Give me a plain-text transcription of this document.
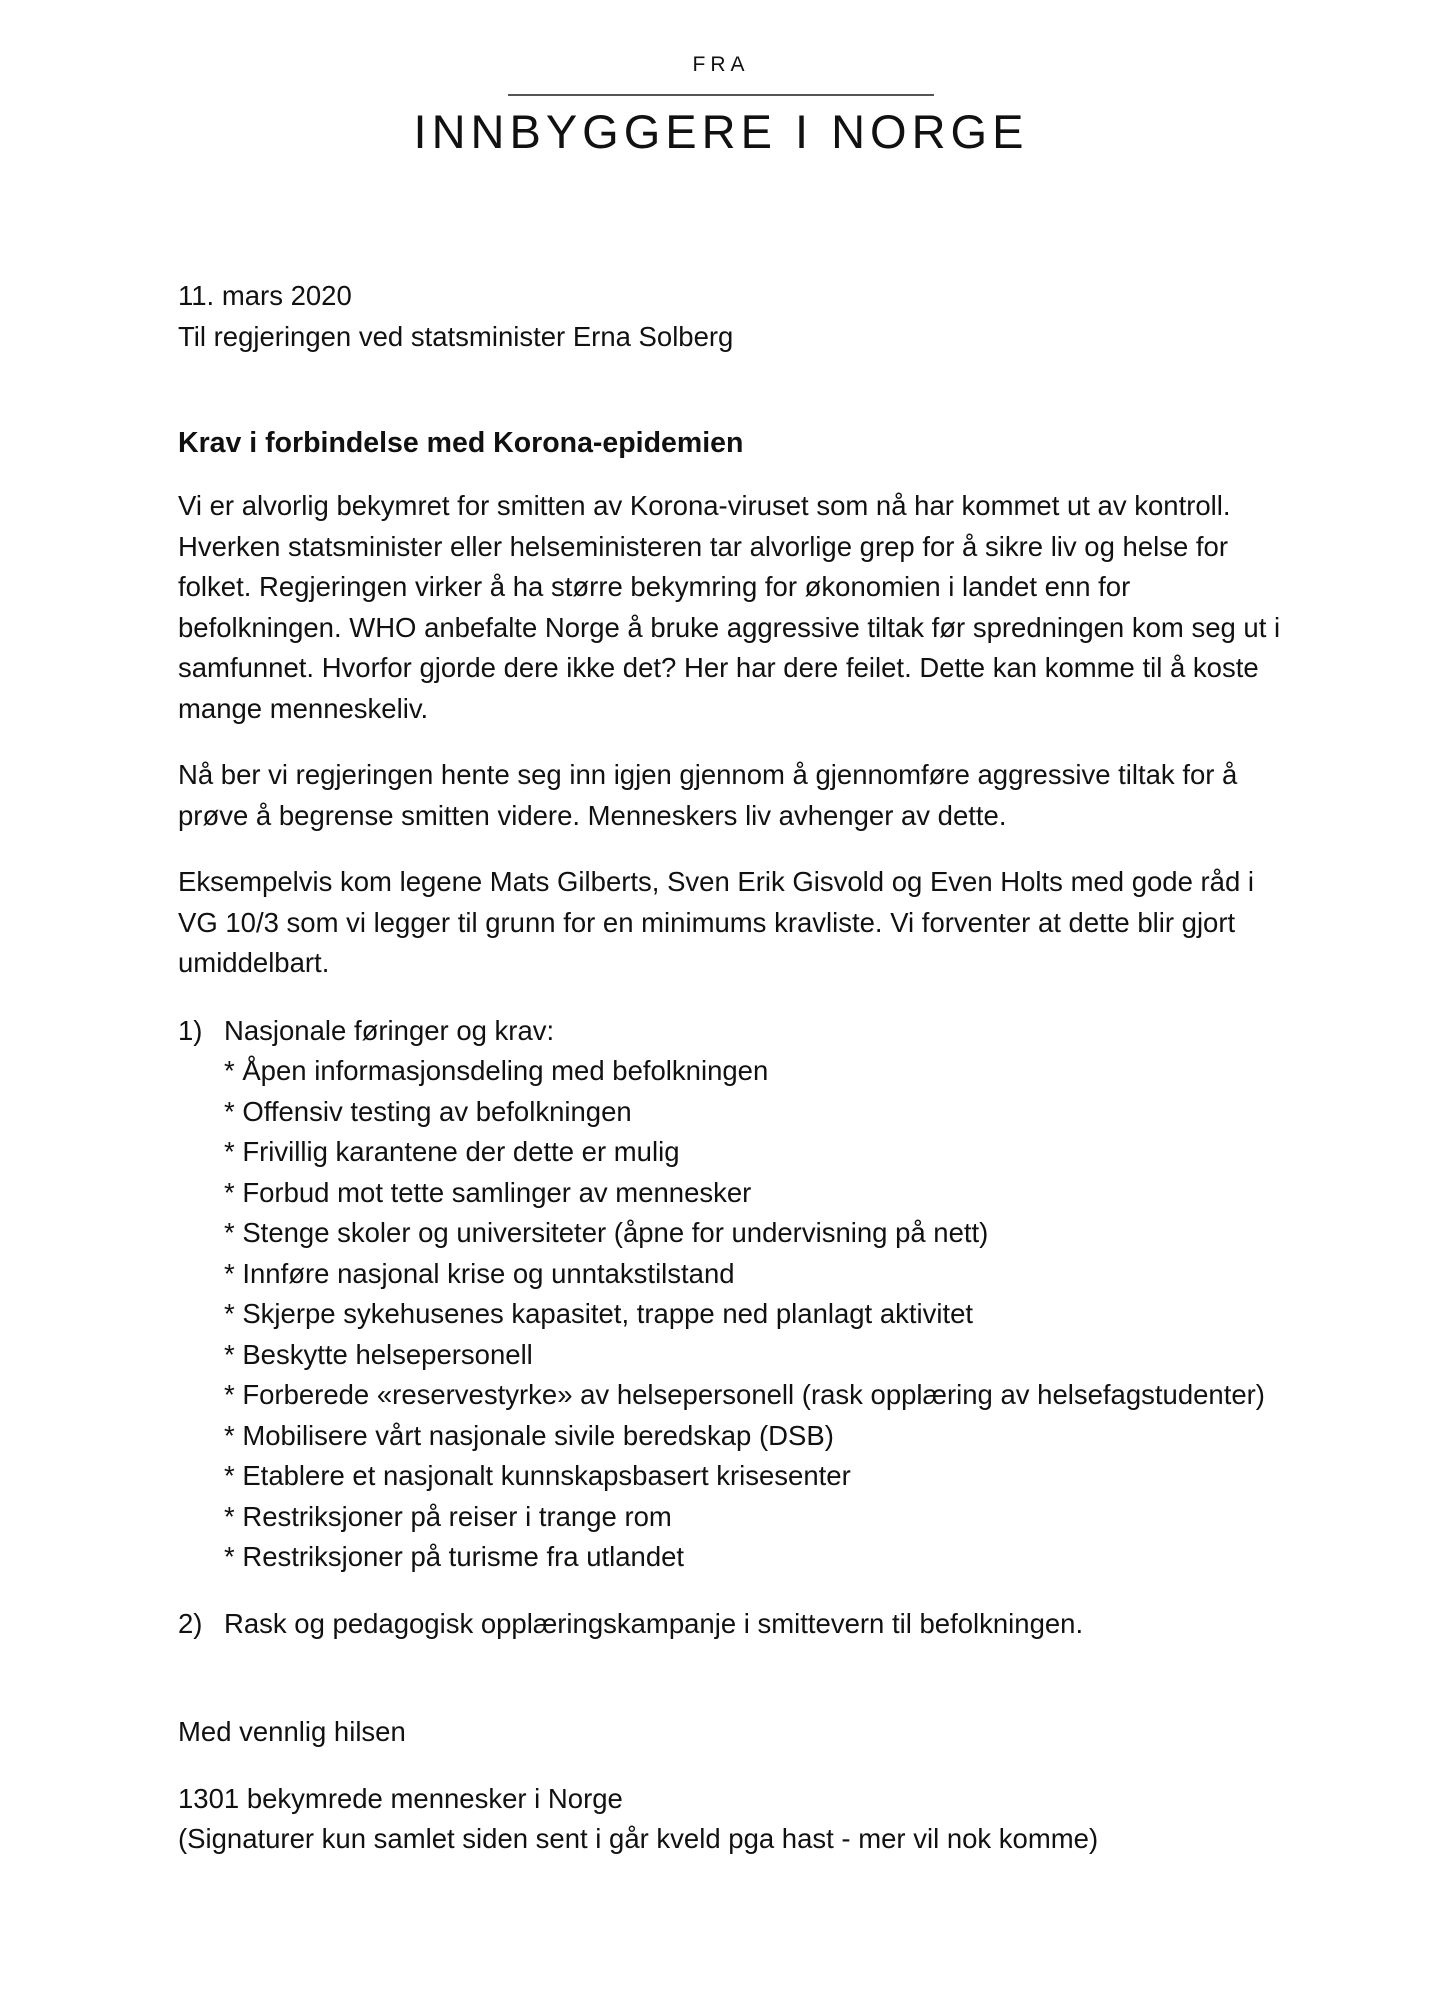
FRA
INNBYGGERE I NORGE

11. mars 2020
Til regjeringen ved statsminister Erna Solberg

Krav i forbindelse med Korona-epidemien

Vi er alvorlig bekymret for smitten av Korona-viruset som nå har kommet ut av kontroll. Hverken statsminister eller helseministeren tar alvorlige grep for å sikre liv og helse for folket. Regjeringen virker å ha større bekymring for økonomien i landet enn for befolkningen. WHO anbefalte Norge å bruke aggressive tiltak før spredningen kom seg ut i samfunnet. Hvorfor gjorde dere ikke det? Her har dere feilet. Dette kan komme til å koste mange menneskeliv.

Nå ber vi regjeringen hente seg inn igjen gjennom å gjennomføre aggressive tiltak for å prøve å begrense smitten videre. Menneskers liv avhenger av dette.

Eksempelvis kom legene Mats Gilberts, Sven Erik Gisvold og Even Holts med gode råd i VG 10/3 som vi legger til grunn for en minimums kravliste. Vi forventer at dette blir gjort umiddelbart.

1) Nasjonale føringer og krav:
* Åpen informasjonsdeling med befolkningen
* Offensiv testing av befolkningen
* Frivillig karantene der dette er mulig
* Forbud mot tette samlinger av mennesker
* Stenge skoler og universiteter (åpne for undervisning på nett)
* Innføre nasjonal krise og unntakstilstand
* Skjerpe sykehusenes kapasitet, trappe ned planlagt aktivitet
* Beskytte helsepersonell
* Forberede «reservestyrke» av helsepersonell (rask opplæring av helsefagstudenter)
* Mobilisere vårt nasjonale sivile beredskap (DSB)
* Etablere et nasjonalt kunnskapsbasert krisesenter
* Restriksjoner på reiser i trange rom
* Restriksjoner på turisme fra utlandet
2) Rask og pedagogisk opplæringskampanje i smittevern til befolkningen.

Med vennlig hilsen

1301 bekymrede mennesker i Norge
(Signaturer kun samlet siden sent i går kveld pga hast - mer vil nok komme)
